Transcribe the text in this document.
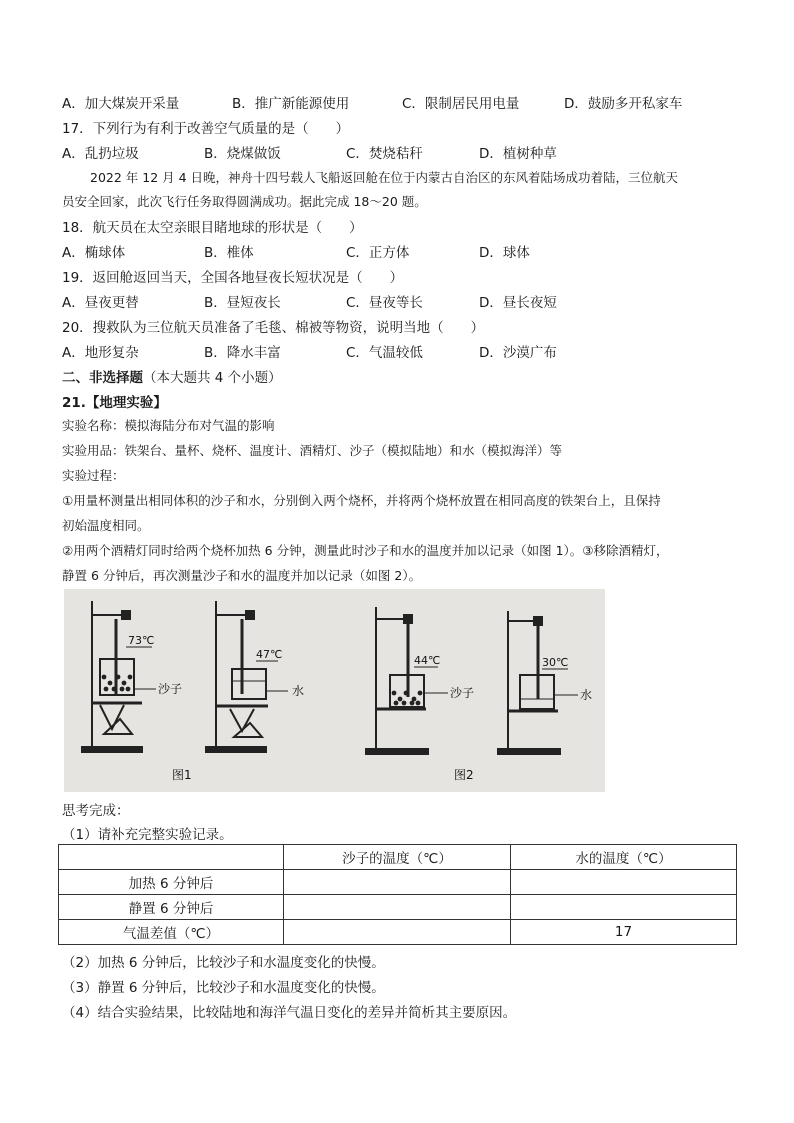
A．加大煤炭开采量	B．推广新能源使用	C．限制居民用电量	D．鼓励多开私家车
17．下列行为有利于改善空气质量的是（　　）
A．乱扔垃圾	B．烧煤做饭	C．焚烧秸秆	D．植树种草
2022 年 12 月 4 日晚，神舟十四号载人飞船返回舱在位于内蒙古自治区的东风着陆场成功着陆，三位航天
员安全回家，此次飞行任务取得圆满成功。据此完成 18～20 题。
18．航天员在太空亲眼目睹地球的形状是（　　）
A．椭球体	B．椎体	C．正方体	D．球体
19．返回舱返回当天，全国各地昼夜长短状况是（　　）
A．昼夜更替	B．昼短夜长	C．昼夜等长	D．昼长夜短
20．搜救队为三位航天员准备了毛毯、棉被等物资，说明当地（　　）
A．地形复杂	B．降水丰富	C．气温较低	D．沙漠广布
二、非选择题（本大题共 4 个小题）
21.【地理实验】
实验名称：模拟海陆分布对气温的影响
实验用品：铁架台、量杯、烧杯、温度计、酒精灯、沙子（模拟陆地）和水（模拟海洋）等
实验过程：
①用量杯测量出相同体积的沙子和水，分别倒入两个烧杯，并将两个烧杯放置在相同高度的铁架台上，且保持
初始温度相同。
②用两个酒精灯同时给两个烧杯加热 6 分钟，测量此时沙子和水的温度并加以记录（如图 1）。③移除酒精灯，
静置 6 分钟后，再次测量沙子和水的温度并加以记录（如图 2）。
73℃
47℃	44℃	30℃
沙子	水	沙子	水
图1	图2
思考完成：
（1）请补充完整实验记录。
	沙子的温度（℃）	水的温度（℃）
加热 6 分钟后		
静置 6 分钟后		
气温差值（℃）		17
（2）加热 6 分钟后，比较沙子和水温度变化的快慢。
（3）静置 6 分钟后，比较沙子和水温度变化的快慢。
（4）结合实验结果，比较陆地和海洋气温日变化的差异并简析其主要原因。
